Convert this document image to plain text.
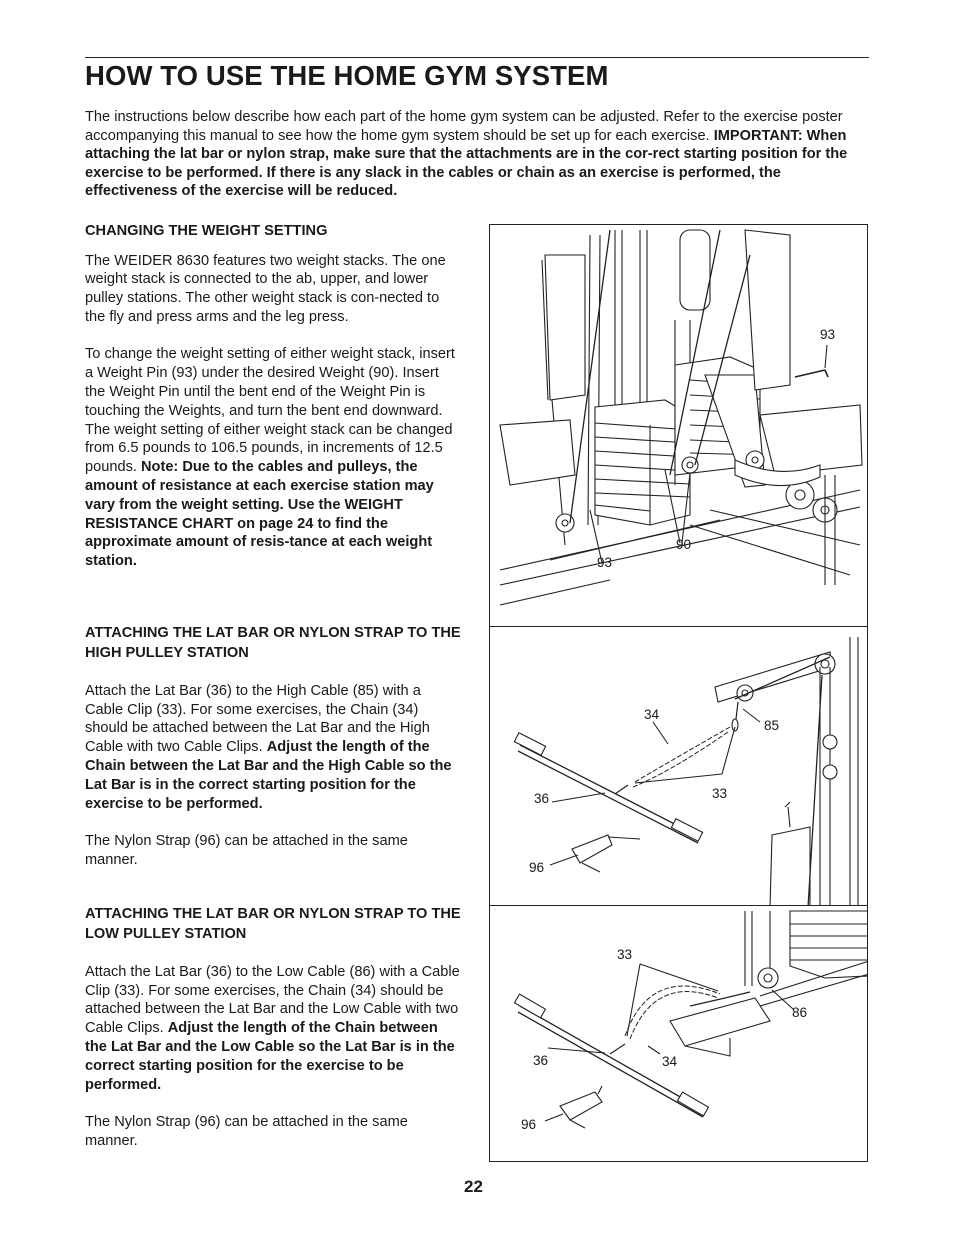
HOW TO USE THE HOME GYM SYSTEM

The instructions below describe how each part of the home gym system can be adjusted. Refer to the exercise poster accompanying this manual to see how the home gym system should be set up for each exercise. IMPORTANT: When attaching the lat bar or nylon strap, make sure that the attachments are in the cor-rect starting position for the exercise to be performed. If there is any slack in the cables or chain as an exercise is performed, the effectiveness of the exercise will be reduced.

CHANGING THE WEIGHT SETTING

The WEIDER 8630 features two weight stacks. The one weight stack is connected to the ab, upper, and lower pulley stations. The other weight stack is con-nected to the fly and press arms and the leg press.

To change the weight setting of either weight stack, insert a Weight Pin (93) under the desired Weight (90). Insert the Weight Pin until the bent end of the Weight Pin is touching the Weights, and turn the bent end downward. The weight setting of either weight stack can be changed from 6.5 pounds to 106.5 pounds, in increments of 12.5 pounds. Note: Due to the cables and pulleys, the amount of resistance at each exercise station may vary from the weight setting. Use the WEIGHT RESISTANCE CHART on page 24 to find the approximate amount of resis-tance at each weight station.

ATTACHING THE LAT BAR OR NYLON STRAP TO THE HIGH PULLEY STATION

Attach the Lat Bar (36) to the High Cable (85) with a Cable Clip (33). For some exercises, the Chain (34) should be attached between the Lat Bar and the High Cable with two Cable Clips. Adjust the length of the Chain between the Lat Bar and the High Cable so the Lat Bar is in the correct starting position for the exercise to be performed.

The Nylon Strap (96) can be attached in the same manner.

ATTACHING THE LAT BAR OR NYLON STRAP TO THE LOW PULLEY STATION

Attach the Lat Bar (36) to the Low Cable (86) with a Cable Clip (33). For some exercises, the Chain (34) should be attached between the Lat Bar and the Low Cable with two Cable Clips. Adjust the length of the Chain between the Lat Bar and the Low Cable so the Lat Bar is in the correct starting position for the exercise to be performed.

The Nylon Strap (96) can be attached in the same manner.

93
93
90
34
85
36	33
96
33
86
36	34
96
22
